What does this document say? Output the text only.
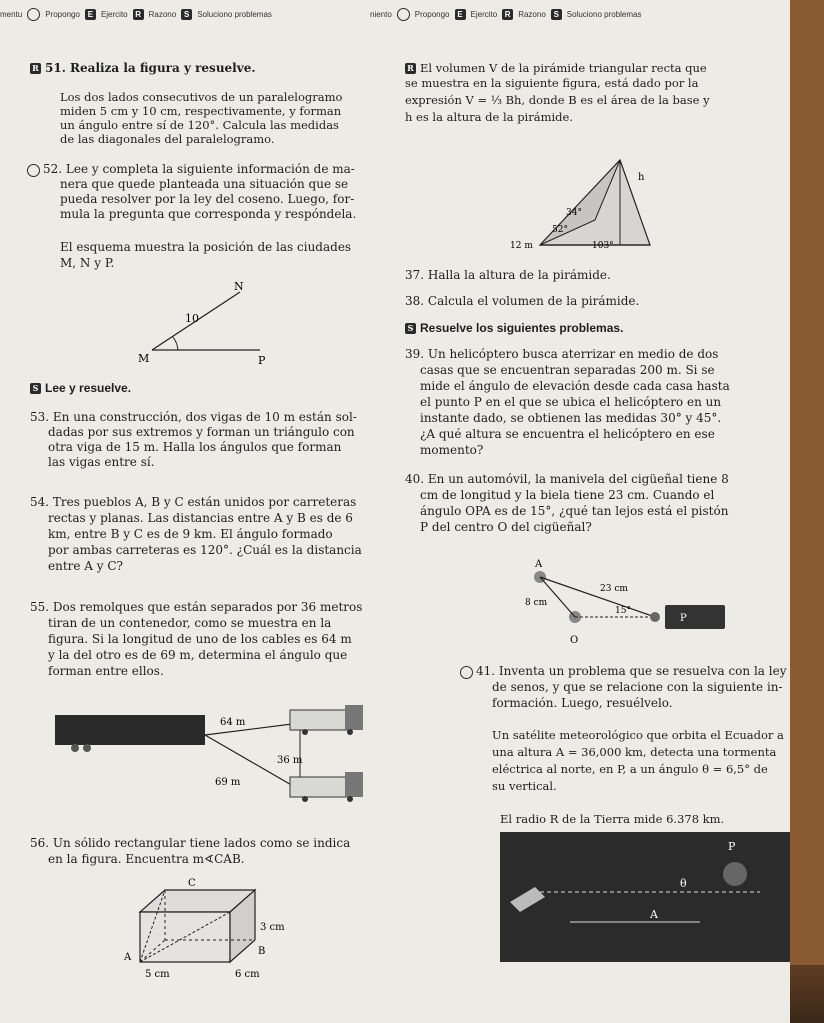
mentu	Propongo E Ejercito R Razono S Soluciono problemas	niento	Propongo E Ejercito R Razono S Soluciono problemas
R 51. Realiza la figura y resuelve.
Los dos lados consecutivos de un paralelogramo
miden 5 cm y 10 cm, respectivamente, y forman
un ángulo entre sí de 120°. Calcula las medidas
de las diagonales del paralelogramo.
52. Lee y completa la siguiente información de ma-
nera que quede planteada una situación que se
pueda resolver por la ley del coseno. Luego, for-
mula la pregunta que corresponda y respóndela.
El esquema muestra la posición de las ciudades
M, N y P.
N
M	P
10
S Lee y resuelve.
53. En una construcción, dos vigas de 10 m están sol-
dadas por sus extremos y forman un triángulo con
otra viga de 15 m. Halla los ángulos que forman
las vigas entre sí.
54. Tres pueblos A, B y C están unidos por carreteras
rectas y planas. Las distancias entre A y B es de 6
km, entre B y C es de 9 km. El ángulo formado
por ambas carreteras es 120°. ¿Cuál es la distancia
entre A y C?
55. Dos remolques que están separados por 36 metros
tiran de un contenedor, como se muestra en la
figura. Si la longitud de uno de los cables es 64 m
y la del otro es de 69 m, determina el ángulo que
forman entre ellos.
64 m
36 m
69 m
56. Un sólido rectangular tiene lados como se indica
en la figura. Encuentra m∢CAB.
C
B
A
3 cm
6 cm
5 cm
R El volumen V de la pirámide triangular recta que
se muestra en la siguiente figura, está dado por la
expresión V = ⅓ Bh, donde B es el área de la base y
h es la altura de la pirámide.
h
34°
52°
12 m	103°
37. Halla la altura de la pirámide.
38. Calcula el volumen de la pirámide.
S Resuelve los siguientes problemas.
39. Un helicóptero busca aterrizar en medio de dos
casas que se encuentran separadas 200 m. Si se
mide el ángulo de elevación desde cada casa hasta
el punto P en el que se ubica el helicóptero en un
instante dado, se obtienen las medidas 30° y 45°.
¿A qué altura se encuentra el helicóptero en ese
momento?
40. En un automóvil, la manivela del cigüeñal tiene 8
cm de longitud y la biela tiene 23 cm. Cuando el
ángulo OPA es de 15°, ¿qué tan lejos está el pistón
P del centro O del cigüeñal?
A
O
P
8 cm
23 cm
15°
41. Inventa un problema que se resuelva con la ley
de senos, y que se relacione con la siguiente in-
formación. Luego, resuélvelo.
Un satélite meteorológico que orbita el Ecuador a
una altura A = 36,000 km, detecta una tormenta
eléctrica al norte, en P, a un ángulo θ = 6,5° de
su vertical.
El radio R de la Tierra mide 6.378 km.
P
θ
A
